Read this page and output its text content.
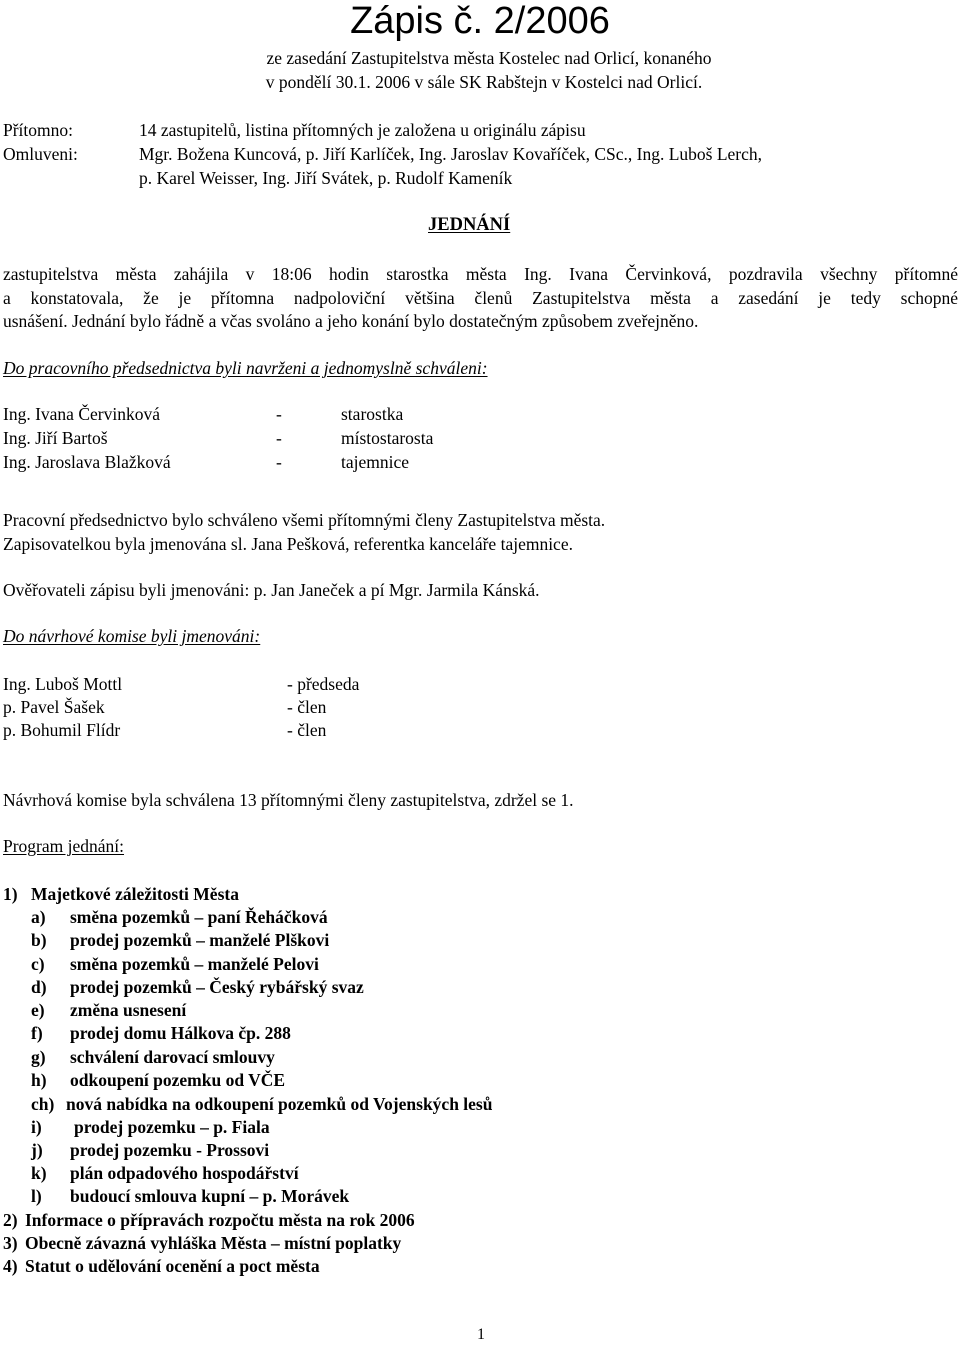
Zápis č. 2/2006
ze zasedání Zastupitelstva města Kostelec nad Orlicí, konaného
v pondělí 30.1. 2006 v sále SK Rabštejn v Kostelci nad Orlicí.
Přítomno:	14 zastupitelů, listina přítomných je založena u originálu zápisu
Omluveni:	Mgr. Božena Kuncová, p. Jiří Karlíček, Ing. Jaroslav Kovaříček, CSc., Ing. Luboš Lerch,
p. Karel Weisser, Ing. Jiří Svátek, p. Rudolf Kameník
JEDNÁNÍ
zastupitelstva města zahájila v 18:06 hodin starostka města Ing. Ivana Červinková, pozdravila všechny přítomné
a konstatovala, že je přítomna nadpoloviční většina členů Zastupitelstva města a zasedání je tedy schopné
usnášení. Jednání bylo řádně a včas svoláno a jeho konání bylo dostatečným způsobem zveřejněno.
Do pracovního předsednictva byli navrženi a jednomyslně schváleni:
Ing. Ivana Červinková	-	starostka
Ing. Jiří Bartoš	-	místostarosta
Ing. Jaroslava Blažková	-	tajemnice
Pracovní předsednictvo bylo schváleno všemi přítomnými členy Zastupitelstva města.
Zapisovatelkou byla jmenována sl. Jana Pešková, referentka kanceláře tajemnice.
Ověřovateli zápisu byli jmenováni: p. Jan Janeček a pí Mgr. Jarmila Kánská.
Do návrhové komise byli jmenováni:
Ing. Luboš Mottl	- předseda
p. Pavel Šašek	- člen
p. Bohumil Flídr	- člen
Návrhová komise byla schválena 13 přítomnými členy zastupitelstva, zdržel se 1.
Program jednání:
1) Majetkové záležitosti Města
a) směna pozemků – paní Řeháčková
b) prodej pozemků – manželé Plškovi
c) směna pozemků – manželé Pelovi
d) prodej pozemků – Český rybářský svaz
e) změna usnesení
f) prodej domu Hálkova čp. 288
g) schválení darovací smlouvy
h) odkoupení pozemku od VČE
ch) nová nabídka na odkoupení pozemků od Vojenských lesů
i) prodej pozemku – p. Fiala
j) prodej pozemku - Prossovi
k) plán odpadového hospodářství
l) budoucí smlouva kupní – p. Morávek
2) Informace o přípravách rozpočtu města na rok 2006
3) Obecně závazná vyhláška Města – místní poplatky
4) Statut o udělování ocenění a poct města
1
